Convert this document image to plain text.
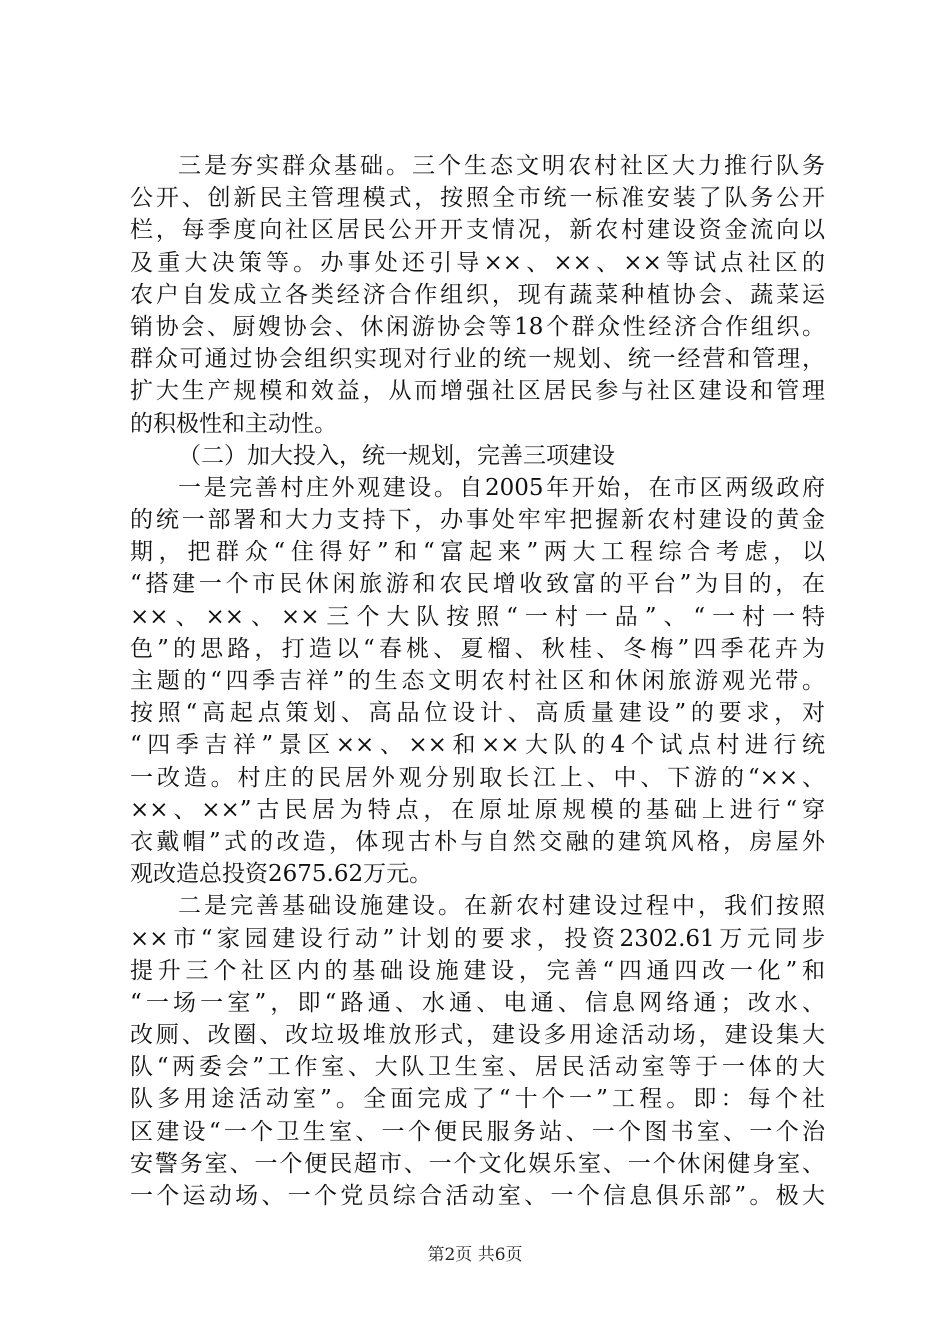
三是夯实群众基础。三个生态文明农村社区大力推行队务
公开、创新民主管理模式，按照全市统一标准安装了队务公开
栏，每季度向社区居民公开开支情况，新农村建设资金流向以
及重大决策等。办事处还引导××、××、××等试点社区的
农户自发成立各类经济合作组织，现有蔬菜种植协会、蔬菜运
销协会、厨嫂协会、休闲游协会等18个群众性经济合作组织。
群众可通过协会组织实现对行业的统一规划、统一经营和管理，
扩大生产规模和效益，从而增强社区居民参与社区建设和管理
的积极性和主动性。
（二）加大投入，统一规划，完善三项建设
一是完善村庄外观建设。自2005年开始，在市区两级政府
的统一部署和大力支持下，办事处牢牢把握新农村建设的黄金
期，把群众“住得好”和“富起来”两大工程综合考虑，以
“搭建一个市民休闲旅游和农民增收致富的平台”为目的，在
××、××、××三个大队按照“一村一品”、“一村一特
色”的思路，打造以“春桃、夏榴、秋桂、冬梅”四季花卉为
主题的“四季吉祥”的生态文明农村社区和休闲旅游观光带。
按照“高起点策划、高品位设计、高质量建设”的要求，对
“四季吉祥”景区××、××和××大队的4个试点村进行统
一改造。村庄的民居外观分别取长江上、中、下游的“××、
××、××”古民居为特点，在原址原规模的基础上进行“穿
衣戴帽”式的改造，体现古朴与自然交融的建筑风格，房屋外
观改造总投资2675.62万元。
二是完善基础设施建设。在新农村建设过程中，我们按照
××市“家园建设行动”计划的要求，投资2302.61万元同步
提升三个社区内的基础设施建设，完善“四通四改一化”和
“一场一室”，即“路通、水通、电通、信息网络通；改水、
改厕、改圈、改垃圾堆放形式，建设多用途活动场，建设集大
队“两委会”工作室、大队卫生室、居民活动室等于一体的大
队多用途活动室”。全面完成了“十个一”工程。即：每个社
区建设“一个卫生室、一个便民服务站、一个图书室、一个治
安警务室、一个便民超市、一个文化娱乐室、一个休闲健身室、
一个运动场、一个党员综合活动室、一个信息俱乐部”。极大
第2页 共6页
